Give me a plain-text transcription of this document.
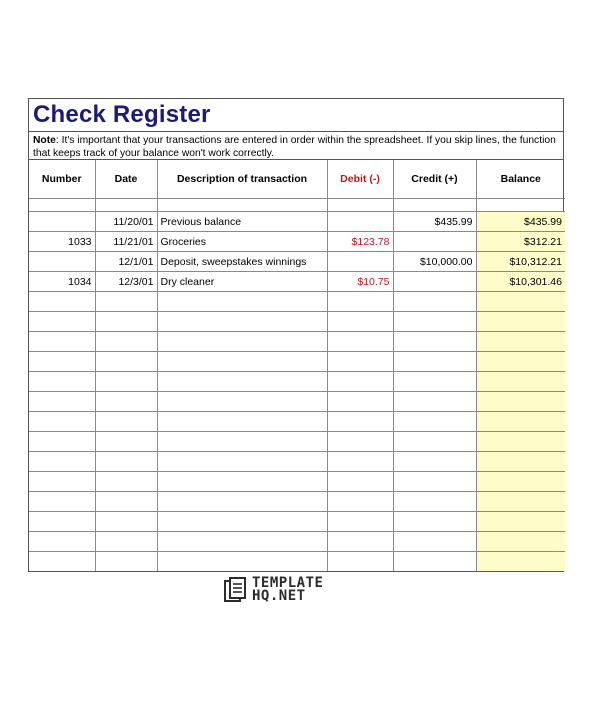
Check Register
Note: It's important that your transactions are entered in order within the spreadsheet. If you skip lines, the function that keeps track of your balance won't work correctly.
Number	Date	Description of transaction	Debit (-)	Credit (+)	Balance

	11/20/01	Previous balance		$435.99	$435.99
1033	11/21/01	Groceries	$123.78		$312.21
	12/1/01	Deposit, sweepstakes winnings		$10,000.00	$10,312.21
1034	12/3/01	Dry cleaner	$10.75		$10,301.46

TEMPLATE
HQ.NET
